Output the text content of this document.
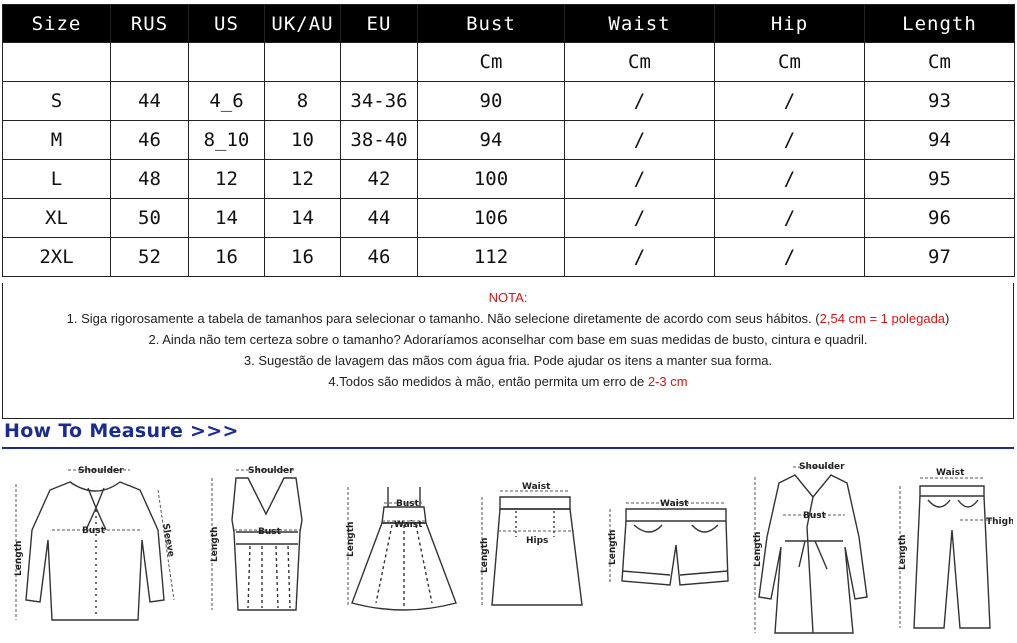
Size	RUS	US	UK/AU	EU	Bust	Waist	Hip	Length
					Cm	Cm	Cm	Cm
S	44	4_6	8	34-36	90	/	/	93
M	46	8_10	10	38-40	94	/	/	94
L	48	12	12	42	100	/	/	95
XL	50	14	14	44	106	/	/	96
2XL	52	16	16	46	112	/	/	97
NOTA:
1. Siga rigorosamente a tabela de tamanhos para selecionar o tamanho. Não selecione diretamente de acordo com seus hábitos. (2,54 cm = 1 polegada)
2. Ainda não tem certeza sobre o tamanho? Adoraríamos aconselhar com base em suas medidas de busto, cintura e quadril.
3. Sugestão de lavagem das mãos com água fria. Pode ajudar os itens a manter sua forma.
4.Todos são medidos à mão, então permita um erro de 2-3 cm
How To Measure >>>
Shoulder
Bust
Length
Sleeve
Shoulder
Bust
Length
Bust
Waist
Length
Waist
Hips
Length
Waist
Length
Shoulder
Bust
Length
Waist
Thigh
Length
